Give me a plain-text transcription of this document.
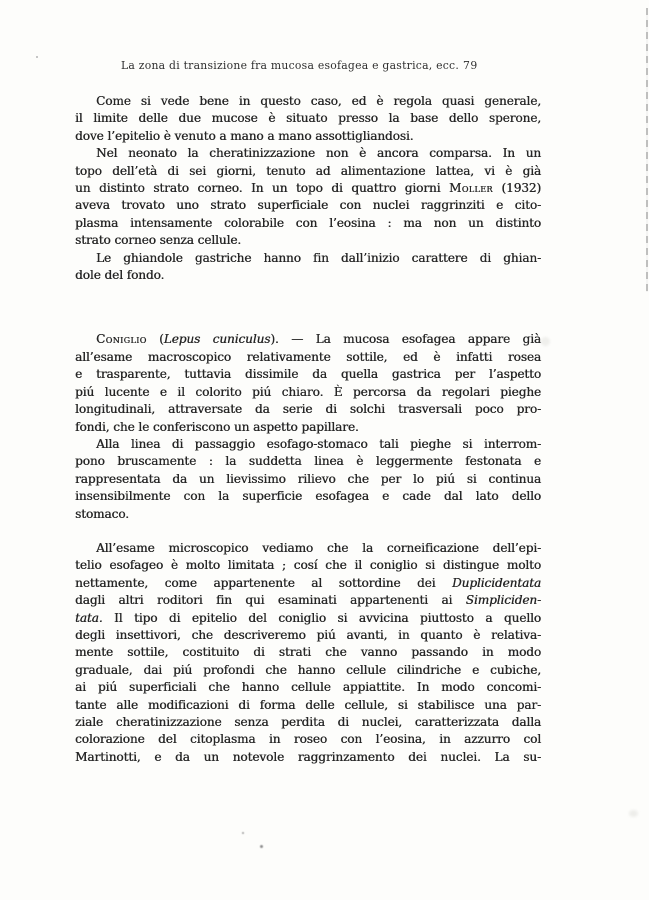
La zona di transizione fra mucosa esofagea e gastrica, ecc. 79
Come si vede bene in questo caso, ed è regola quasi generale,
il limite delle due mucose è situato presso la base dello sperone,
dove l’epitelio è venuto a mano a mano assottigliandosi.
Nel neonato la cheratinizzazione non è ancora comparsa. In un
topo dell’età di sei giorni, tenuto ad alimentazione lattea, vi è già
un distinto strato corneo. In un topo di quattro giorni Moller (1932)
aveva trovato uno strato superficiale con nuclei raggrinziti e cito-
plasma intensamente colorabile con l’eosina : ma non un distinto
strato corneo senza cellule.
Le ghiandole gastriche hanno fin dall’inizio carattere di ghian-
dole del fondo.
Coniglio (Lepus cuniculus). — La mucosa esofagea appare già
all’esame macroscopico relativamente sottile, ed è infatti rosea
e trasparente, tuttavia dissimile da quella gastrica per l’aspetto
piú lucente e il colorito piú chiaro. È percorsa da regolari pieghe
longitudinali, attraversate da serie di solchi trasversali poco pro-
fondi, che le conferiscono un aspetto papillare.
Alla linea di passaggio esofago-stomaco tali pieghe si interrom-
pono bruscamente : la suddetta linea è leggermente festonata e
rappresentata da un lievissimo rilievo che per lo piú si continua
insensibilmente con la superficie esofagea e cade dal lato dello
stomaco.
All’esame microscopico vediamo che la corneificazione dell’epi-
telio esofageo è molto limitata ; cosí che il coniglio si distingue molto
nettamente, come appartenente al sottordine dei Duplicidentata
dagli altri roditori fin qui esaminati appartenenti ai Simpliciden-
tata. Il tipo di epitelio del coniglio si avvicina piuttosto a quello
degli insettivori, che descriveremo piú avanti, in quanto è relativa-
mente sottile, costituito di strati che vanno passando in modo
graduale, dai piú profondi che hanno cellule cilindriche e cubiche,
ai piú superficiali che hanno cellule appiattite. In modo concomi-
tante alle modificazioni di forma delle cellule, si stabilisce una par-
ziale cheratinizzazione senza perdita di nuclei, caratterizzata dalla
colorazione del citoplasma in roseo con l’eosina, in azzurro col
Martinotti, e da un notevole raggrinzamento dei nuclei. La su-
